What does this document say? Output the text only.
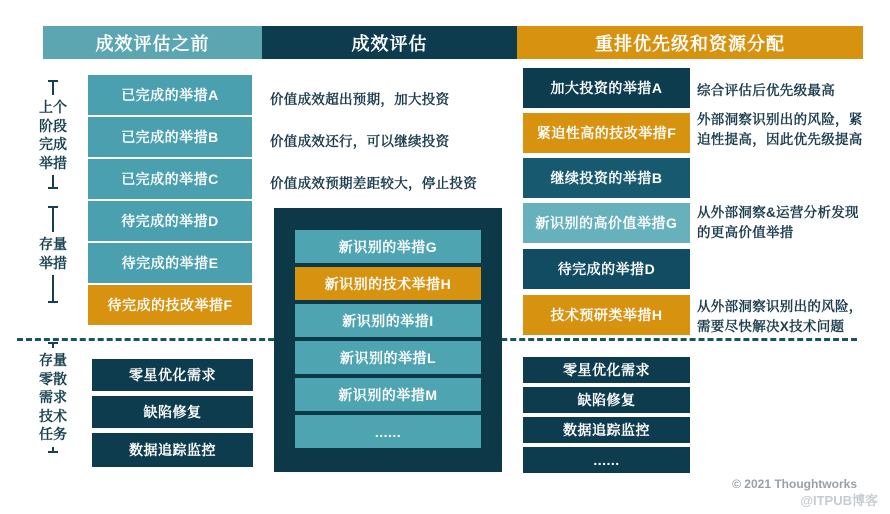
成效评估之前	成效评估	重排优先级和资源分配
上个
阶段
完成
举措
存量
举措
存量
零散
需求
技术
任务
已完成的举措A
已完成的举措B
已完成的举措C
待完成的举措D
待完成的举措E
待完成的技改举措F
零星优化需求
缺陷修复
数据追踪监控
价值成效超出预期，加大投资
价值成效还行，可以继续投资
价值成效预期差距较大，停止投资
新识别的举措G
新识别的技术举措H
新识别的举措I
新识别的举措L
新识别的举措M
......
加大投资的举措A
紧迫性高的技改举措F
继续投资的举措B
新识别的高价值举措G
待完成的举措D
技术预研类举措H
综合评估后优先级最高
外部洞察识别出的风险，紧迫性提高，因此优先级提高
从外部洞察&运营分析发现的更高价值举措
从外部洞察识别出的风险，需要尽快解决X技术问题
零星优化需求
缺陷修复
数据追踪监控
......
© 2021 Thoughtworks
@ITPUB博客
